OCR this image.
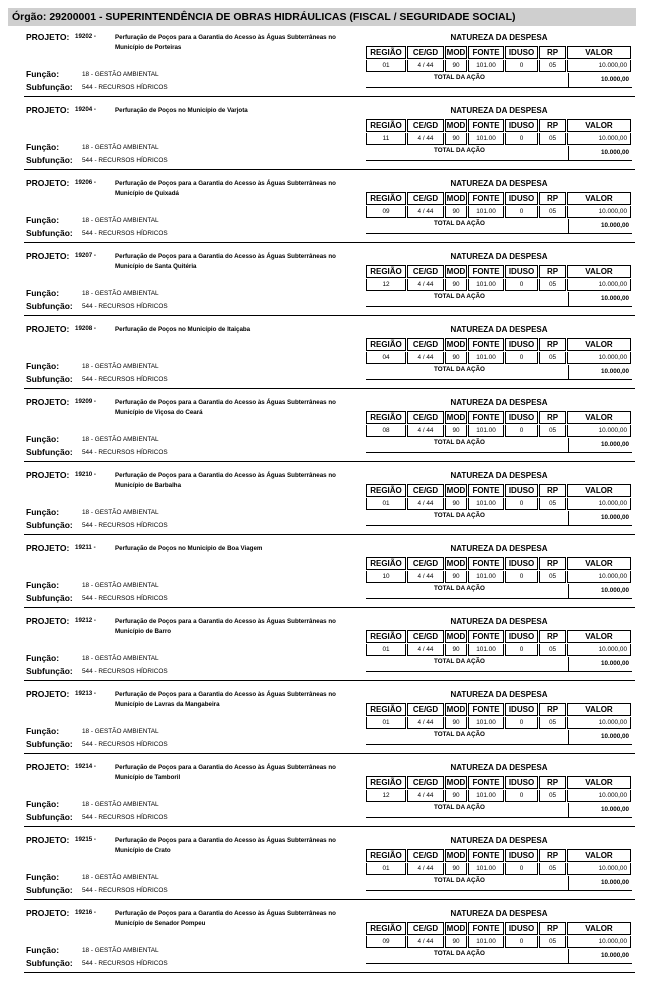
Órgão: 29200001 - SUPERINTENDÊNCIA DE OBRAS HIDRÁULICAS (FISCAL / SEGURIDADE SOCIAL)
PROJETO: 19202 -	Perfuração de Poços para a Garantia do Acesso às Águas Subterrâneas no Município de Porteiras
Função:	18 - GESTÃO AMBIENTAL
Subfunção: 544 - RECURSOS HÍDRICOS
NATUREZA DA DESPESA
REGIÃO	CE/GD	MOD FONTE	IDUSO	RP	VALOR
01	4 / 44	90	101.00	0	05	10.000,00
TOTAL DA AÇÃO	10.000,00
PROJETO: 19204 -	Perfuração de Poços no Município de Varjota
Função:	18 - GESTÃO AMBIENTAL
Subfunção: 544 - RECURSOS HÍDRICOS
NATUREZA DA DESPESA
REGIÃO	CE/GD	MOD FONTE	IDUSO	RP	VALOR
11	4 / 44	90	101.00	0	05	10.000,00
TOTAL DA AÇÃO	10.000,00
PROJETO: 19206 -	Perfuração de Poços para a Garantia do Acesso às Águas Subterrâneas no Município de Quixadá
Função:	18 - GESTÃO AMBIENTAL
Subfunção: 544 - RECURSOS HÍDRICOS
NATUREZA DA DESPESA
REGIÃO	CE/GD	MOD FONTE	IDUSO	RP	VALOR
09	4 / 44	90	101.00	0	05	10.000,00
TOTAL DA AÇÃO	10.000,00
PROJETO: 19207 -	Perfuração de Poços para a Garantia do Acesso às Águas Subterrâneas no Município de Santa Quitéria
Função:	18 - GESTÃO AMBIENTAL
Subfunção: 544 - RECURSOS HÍDRICOS
NATUREZA DA DESPESA
REGIÃO	CE/GD	MOD FONTE	IDUSO	RP	VALOR
12	4 / 44	90	101.00	0	05	10.000,00
TOTAL DA AÇÃO	10.000,00
PROJETO: 19208 -	Perfuração de Poços no Município de Itaiçaba
Função:	18 - GESTÃO AMBIENTAL
Subfunção: 544 - RECURSOS HÍDRICOS
NATUREZA DA DESPESA
REGIÃO	CE/GD	MOD FONTE	IDUSO	RP	VALOR
04	4 / 44	90	101.00	0	05	10.000,00
TOTAL DA AÇÃO	10.000,00
PROJETO: 19209 -	Perfuração de Poços para a Garantia do Acesso às Águas Subterrâneas no Município de Viçosa do Ceará
Função:	18 - GESTÃO AMBIENTAL
Subfunção: 544 - RECURSOS HÍDRICOS
NATUREZA DA DESPESA
REGIÃO	CE/GD	MOD FONTE	IDUSO	RP	VALOR
08	4 / 44	90	101.00	0	05	10.000,00
TOTAL DA AÇÃO	10.000,00
PROJETO: 19210 -	Perfuração de Poços para a Garantia do Acesso às Águas Subterrâneas no Município de Barbalha
Função:	18 - GESTÃO AMBIENTAL
Subfunção: 544 - RECURSOS HÍDRICOS
NATUREZA DA DESPESA
REGIÃO	CE/GD	MOD FONTE	IDUSO	RP	VALOR
01	4 / 44	90	101.00	0	05	10.000,00
TOTAL DA AÇÃO	10.000,00
PROJETO: 19211 -	Perfuração de Poços no Município de Boa Viagem
Função:	18 - GESTÃO AMBIENTAL
Subfunção: 544 - RECURSOS HÍDRICOS
NATUREZA DA DESPESA
REGIÃO	CE/GD	MOD FONTE	IDUSO	RP	VALOR
10	4 / 44	90	101.00	0	05	10.000,00
TOTAL DA AÇÃO	10.000,00
PROJETO: 19212 -	Perfuração de Poços para a Garantia do Acesso às Águas Subterrâneas no Município de Barro
Função:	18 - GESTÃO AMBIENTAL
Subfunção: 544 - RECURSOS HÍDRICOS
NATUREZA DA DESPESA
REGIÃO	CE/GD	MOD FONTE	IDUSO	RP	VALOR
01	4 / 44	90	101.00	0	05	10.000,00
TOTAL DA AÇÃO	10.000,00
PROJETO: 19213 -	Perfuração de Poços para a Garantia do Acesso às Águas Subterrâneas no Município de Lavras da Mangabeira
Função:	18 - GESTÃO AMBIENTAL
Subfunção: 544 - RECURSOS HÍDRICOS
NATUREZA DA DESPESA
REGIÃO	CE/GD	MOD FONTE	IDUSO	RP	VALOR
01	4 / 44	90	101.00	0	05	10.000,00
TOTAL DA AÇÃO	10.000,00
PROJETO: 19214 -	Perfuração de Poços para a Garantia do Acesso às Águas Subterrâneas no Município de Tamboril
Função:	18 - GESTÃO AMBIENTAL
Subfunção: 544 - RECURSOS HÍDRICOS
NATUREZA DA DESPESA
REGIÃO	CE/GD	MOD FONTE	IDUSO	RP	VALOR
12	4 / 44	90	101.00	0	05	10.000,00
TOTAL DA AÇÃO	10.000,00
PROJETO: 19215 -	Perfuração de Poços para a Garantia do Acesso às Águas Subterrâneas no Município de Crato
Função:	18 - GESTÃO AMBIENTAL
Subfunção: 544 - RECURSOS HÍDRICOS
NATUREZA DA DESPESA
REGIÃO	CE/GD	MOD FONTE	IDUSO	RP	VALOR
01	4 / 44	90	101.00	0	05	10.000,00
TOTAL DA AÇÃO	10.000,00
PROJETO: 19216 -	Perfuração de Poços para a Garantia do Acesso às Águas Subterrâneas no Município de Senador Pompeu
Função:	18 - GESTÃO AMBIENTAL
Subfunção: 544 - RECURSOS HÍDRICOS
NATUREZA DA DESPESA
REGIÃO	CE/GD	MOD FONTE	IDUSO	RP	VALOR
09	4 / 44	90	101.00	0	05	10.000,00
TOTAL DA AÇÃO	10.000,00
